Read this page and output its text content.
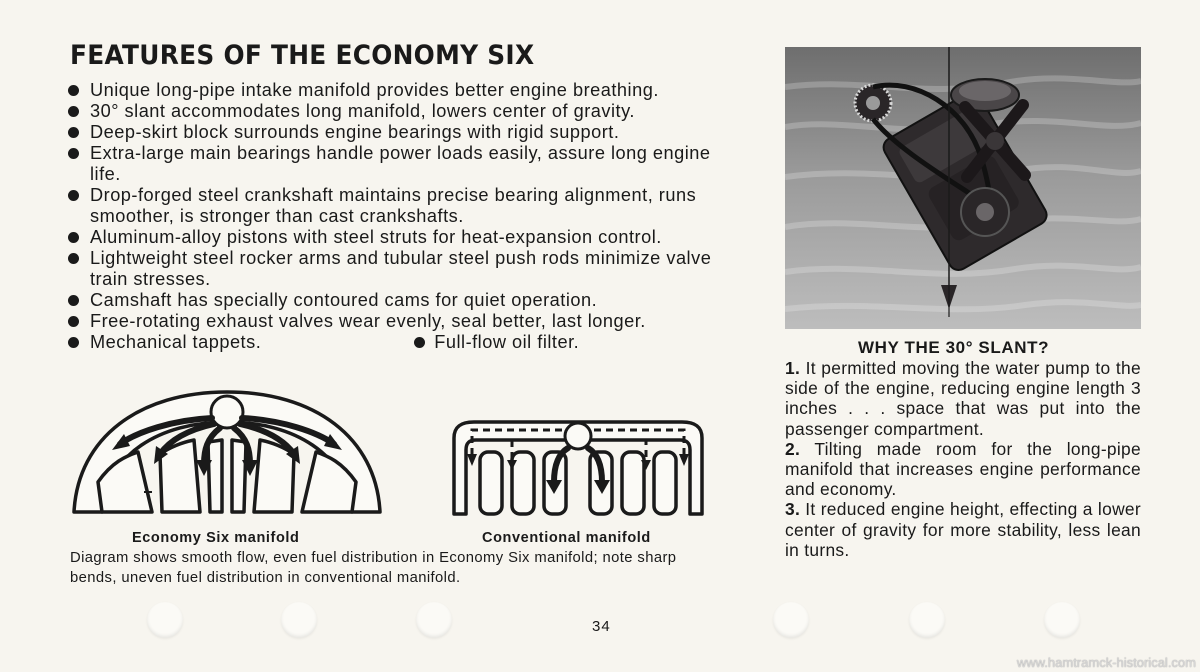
FEATURES OF THE ECONOMY SIX
Unique long-pipe intake manifold provides better engine breathing.
30° slant accommodates long manifold, lowers center of gravity.
Deep-skirt block surrounds engine bearings with rigid support.
Extra-large main bearings handle power loads easily, assure long engine life.
Drop-forged steel crankshaft maintains precise bearing alignment, runs smoother, is stronger than cast crankshafts.
Aluminum-alloy pistons with steel struts for heat-expansion control.
Lightweight steel rocker arms and tubular steel push rods minimize valve train stresses.
Camshaft has specially contoured cams for quiet operation.
Free-rotating exhaust valves wear evenly, seal better, last longer.
Mechanical tappets.	Full-flow oil filter.
Economy Six manifold	Conventional manifold
Diagram shows smooth flow, even fuel distribution in Economy Six manifold; note sharp bends, uneven fuel distribution in conventional manifold.
WHY THE 30° SLANT?

1. It permitted moving the water pump to the side of the engine, reducing engine length 3 inches . . . space that was put into the passenger compartment.

2. Tilting made room for the long-pipe manifold that increases engine performance and economy.

3. It reduced engine height, effecting a lower center of gravity for more stability, less lean in turns.

34
www.hamtramck-historical.com
